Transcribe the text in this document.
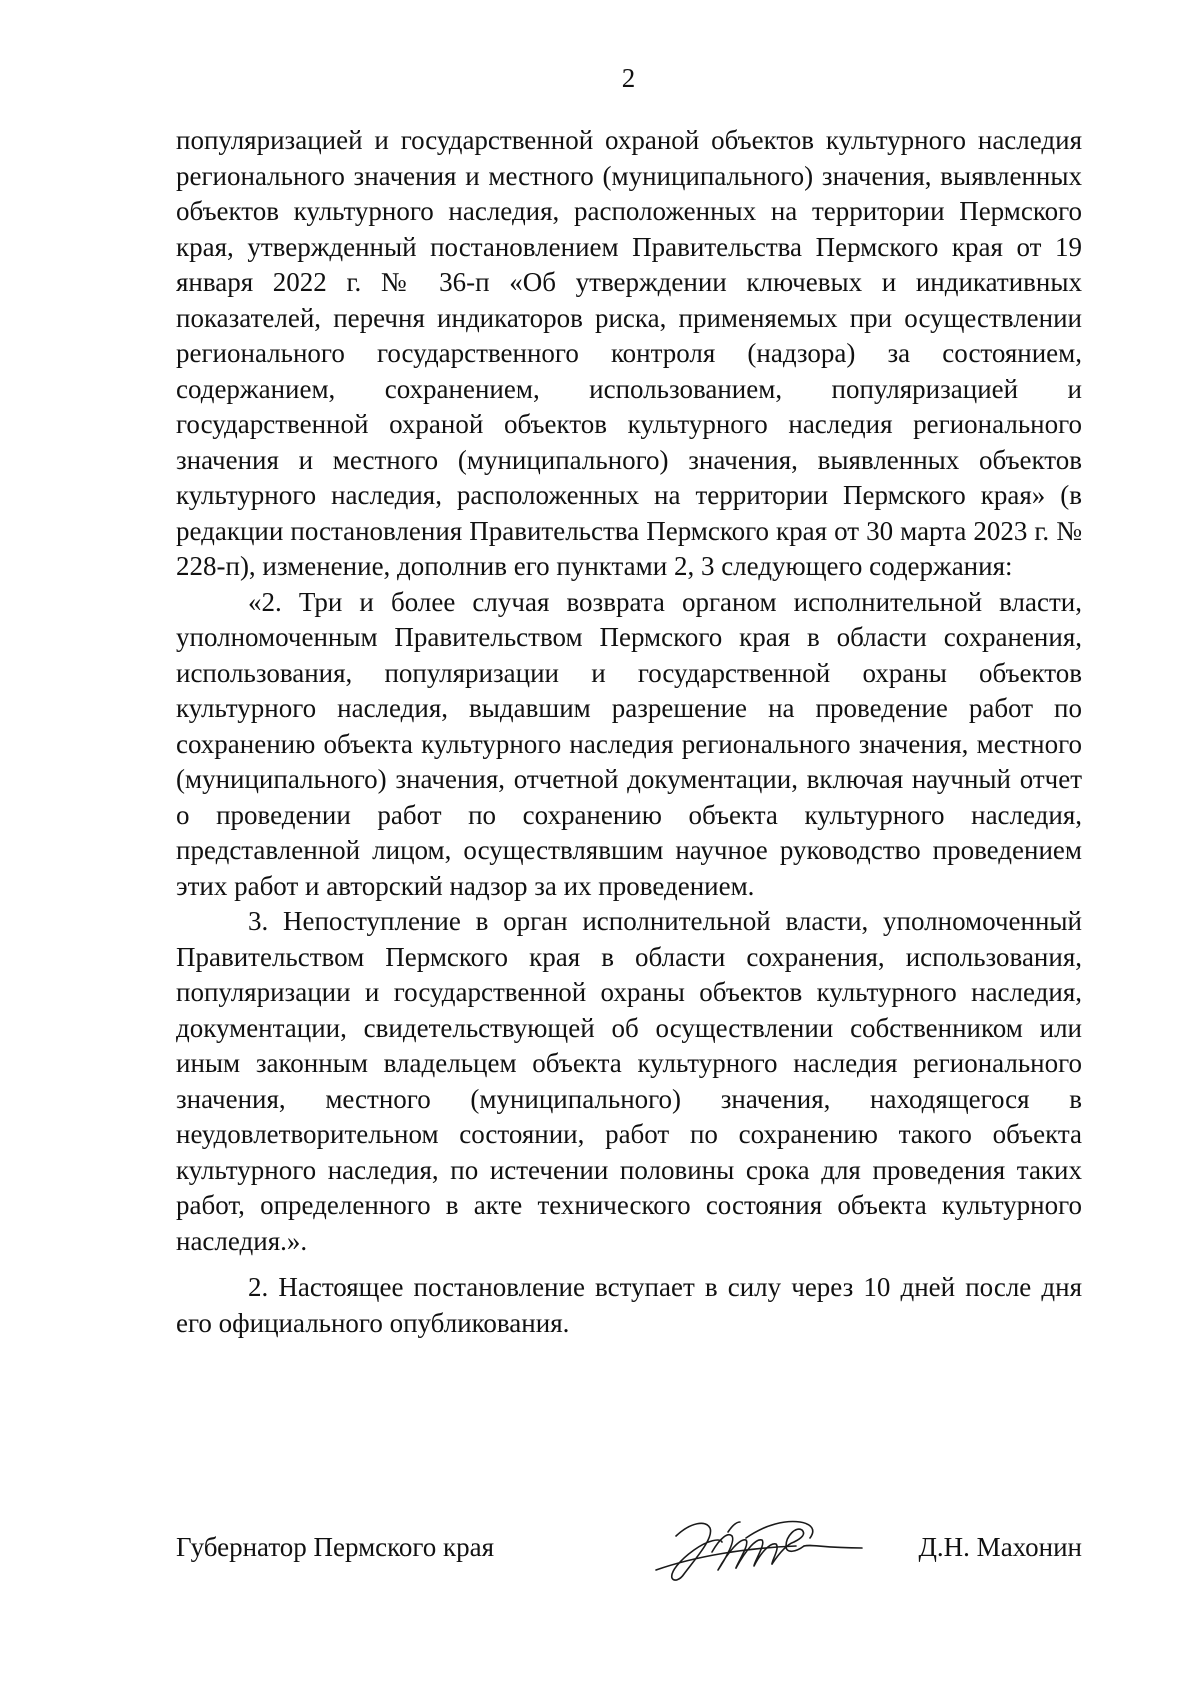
2

популяризацией и государственной охраной объектов культурного наследия регионального значения и местного (муниципального) значения, выявленных объектов культурного наследия, расположенных на территории Пермского края, утвержденный постановлением Правительства Пермского края от 19 января 2022 г. № 36-п «Об утверждении ключевых и индикативных показателей, перечня индикаторов риска, применяемых при осуществлении регионального государственного контроля (надзора) за состоянием, содержанием, сохранением, использованием, популяризацией и государственной охраной объектов культурного наследия регионального значения и местного (муниципального) значения, выявленных объектов культурного наследия, расположенных на территории Пермского края» (в редакции постановления Правительства Пермского края от 30 марта 2023 г. № 228-п), изменение, дополнив его пунктами 2, 3 следующего содержания:

«2. Три и более случая возврата органом исполнительной власти, уполномоченным Правительством Пермского края в области сохранения, использования, популяризации и государственной охраны объектов культурного наследия, выдавшим разрешение на проведение работ по сохранению объекта культурного наследия регионального значения, местного (муниципального) значения, отчетной документации, включая научный отчет о проведении работ по сохранению объекта культурного наследия, представленной лицом, осуществлявшим научное руководство проведением этих работ и авторский надзор за их проведением.

3. Непоступление в орган исполнительной власти, уполномоченный Правительством Пермского края в области сохранения, использования, популяризации и государственной охраны объектов культурного наследия, документации, свидетельствующей об осуществлении собственником или иным законным владельцем объекта культурного наследия регионального значения, местного (муниципального) значения, находящегося в неудовлетворительном состоянии, работ по сохранению такого объекта культурного наследия, по истечении половины срока для проведения таких работ, определенного в акте технического состояния объекта культурного наследия.».

2. Настоящее постановление вступает в силу через 10 дней после дня его официального опубликования.

Губернатор Пермского края	Д.Н. Махонин
